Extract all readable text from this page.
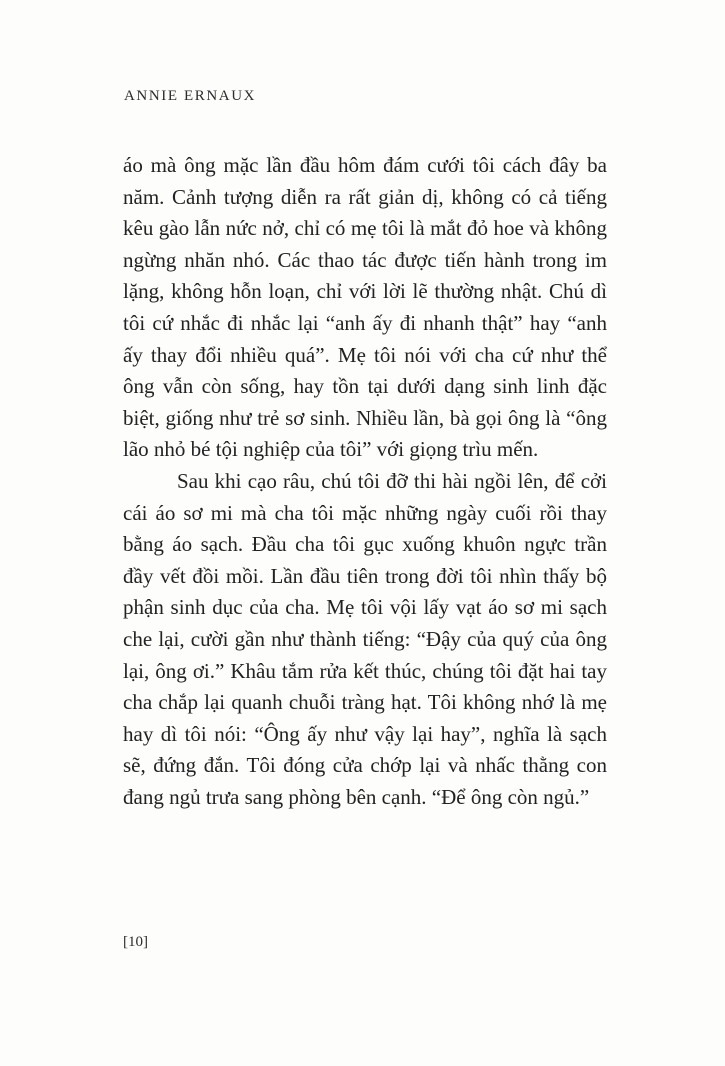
ANNIE ERNAUX

áo mà ông mặc lần đầu hôm đám cưới tôi cách đây ba năm. Cảnh tượng diễn ra rất giản dị, không có cả tiếng kêu gào lẫn nức nở, chỉ có mẹ tôi là mắt đỏ hoe và không ngừng nhăn nhó. Các thao tác được tiến hành trong im lặng, không hỗn loạn, chỉ với lời lẽ thường nhật. Chú dì tôi cứ nhắc đi nhắc lại “anh ấy đi nhanh thật” hay “anh ấy thay đổi nhiều quá”. Mẹ tôi nói với cha cứ như thể ông vẫn còn sống, hay tồn tại dưới dạng sinh linh đặc biệt, giống như trẻ sơ sinh. Nhiều lần, bà gọi ông là “ông lão nhỏ bé tội nghiệp của tôi” với giọng trìu mến.

Sau khi cạo râu, chú tôi đỡ thi hài ngồi lên, để cởi cái áo sơ mi mà cha tôi mặc những ngày cuối rồi thay bằng áo sạch. Đầu cha tôi gục xuống khuôn ngực trần đầy vết đồi mồi. Lần đầu tiên trong đời tôi nhìn thấy bộ phận sinh dục của cha. Mẹ tôi vội lấy vạt áo sơ mi sạch che lại, cười gần như thành tiếng: “Đậy của quý của ông lại, ông ơi.” Khâu tắm rửa kết thúc, chúng tôi đặt hai tay cha chắp lại quanh chuỗi tràng hạt. Tôi không nhớ là mẹ hay dì tôi nói: “Ông ấy như vậy lại hay”, nghĩa là sạch sẽ, đứng đắn. Tôi đóng cửa chớp lại và nhấc thằng con đang ngủ trưa sang phòng bên cạnh. “Để ông còn ngủ.”

[10]
